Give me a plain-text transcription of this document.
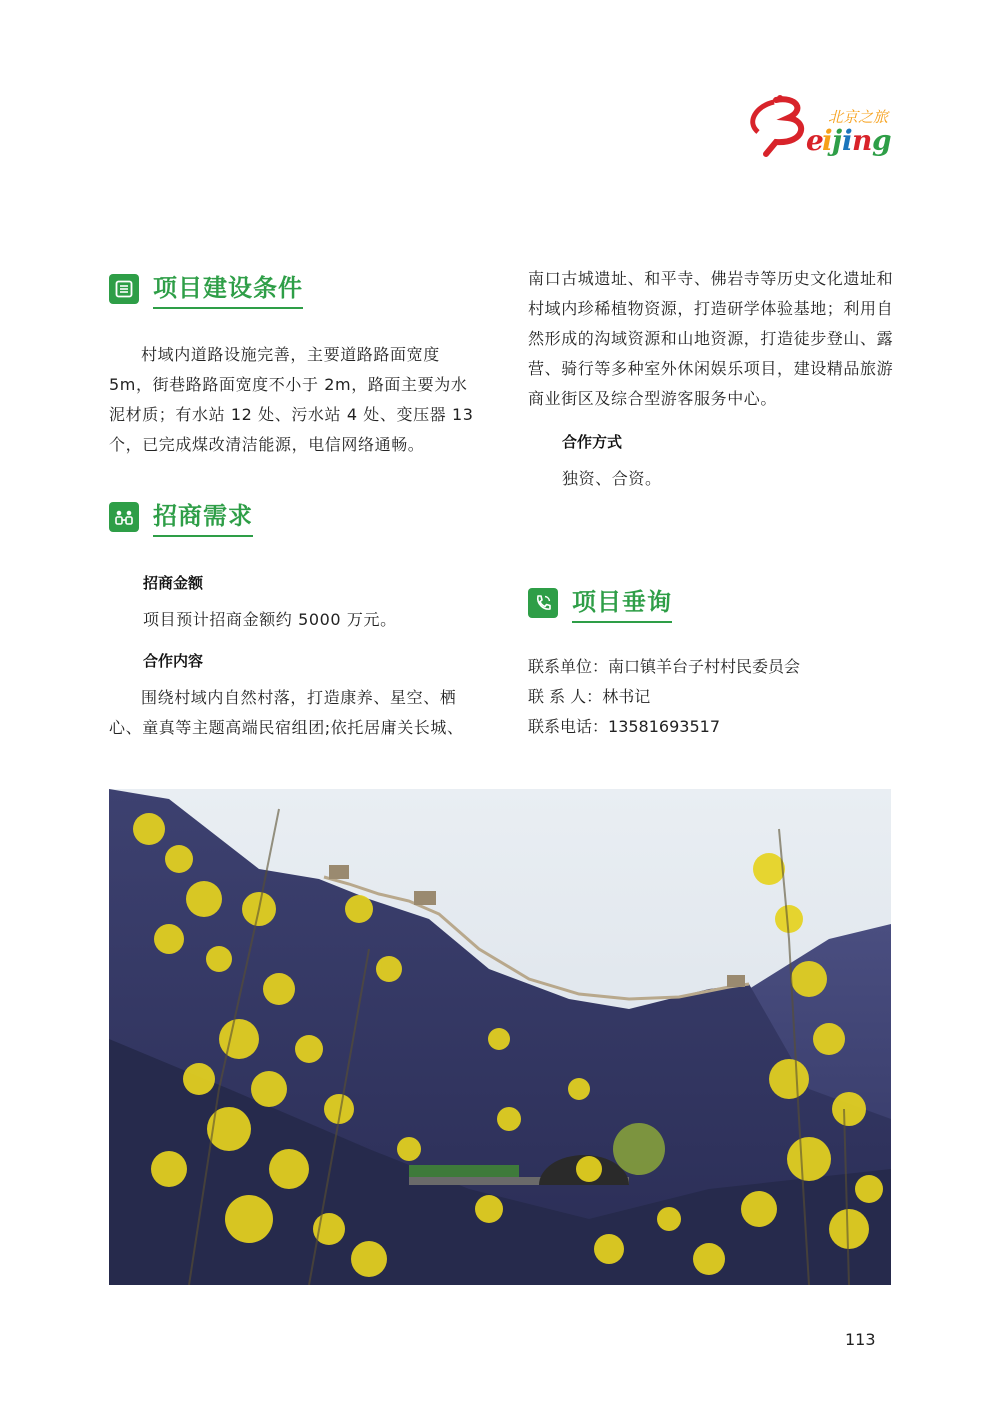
e
i j i n g
北京之旅
项目建设条件

村域内道路设施完善，主要道路路面宽度5m，街巷路路面宽度不小于 2m，路面主要为水泥材质；有水站 12 处、污水站 4 处、变压器 13 个，已完成煤改清洁能源，电信网络通畅。

招商需求
招商金额
项目预计招商金额约 5000 万元。
合作内容

围绕村域内自然村落，打造康养、星空、栖心、童真等主题高端民宿组团;依托居庸关长城、

南口古城遗址、和平寺、佛岩寺等历史文化遗址和村域内珍稀植物资源，打造研学体验基地；利用自然形成的沟域资源和山地资源，打造徒步登山、露营、骑行等多种室外休闲娱乐项目，建设精品旅游商业街区及综合型游客服务中心。

合作方式
独资、合资。
项目垂询
联系单位： 南口镇羊台子村村民委员会
联 系 人： 林书记
联系电话： 13581693517
113
